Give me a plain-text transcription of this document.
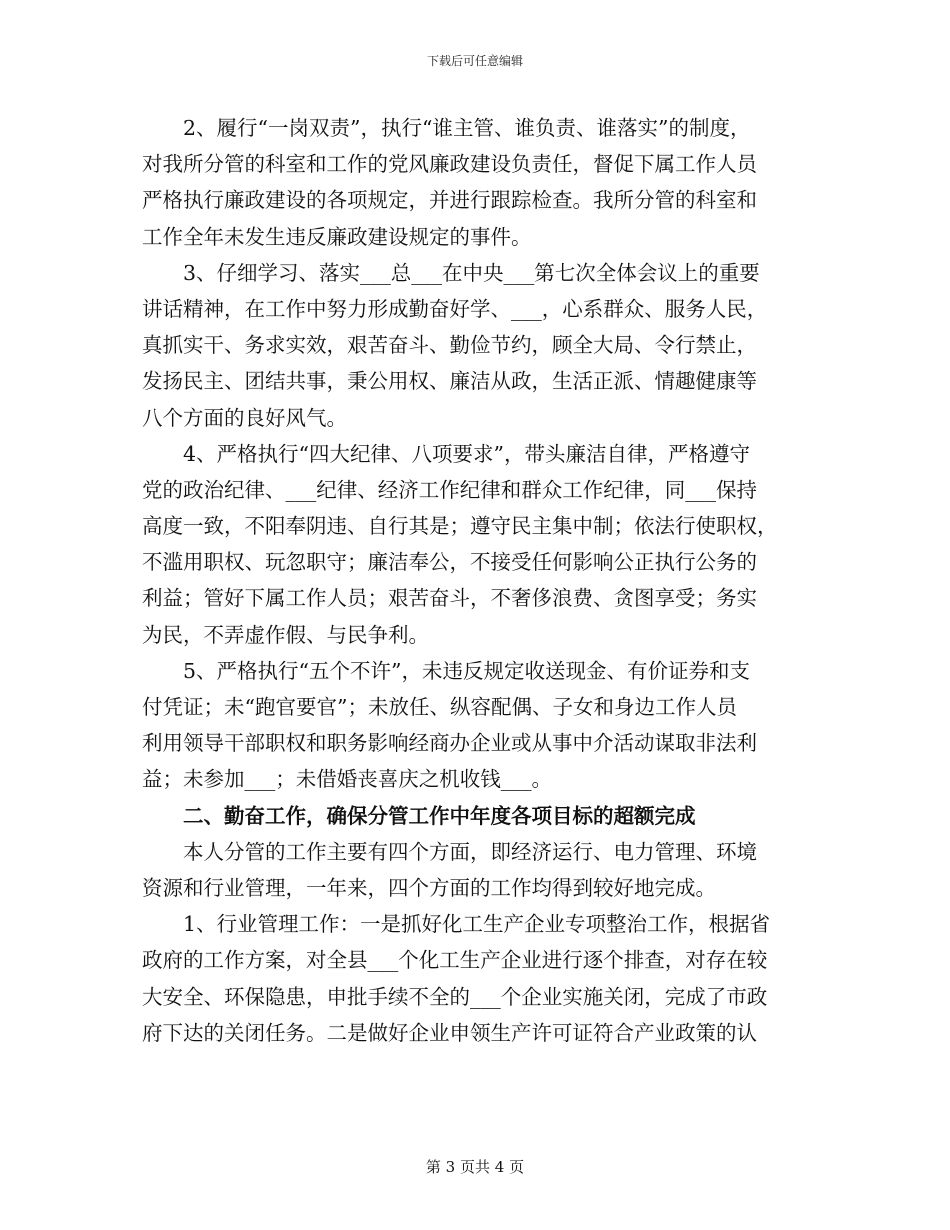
下载后可任意编辑
　　2、履行“一岗双责”，执行“谁主管、谁负责、谁落实”的制度，
对我所分管的科室和工作的党风廉政建设负责任，督促下属工作人员
严格执行廉政建设的各项规定，并进行跟踪检查。我所分管的科室和
工作全年未发生违反廉政建设规定的事件。
　　3、仔细学习、落实___总___在中央___第七次全体会议上的重要
讲话精神，在工作中努力形成勤奋好学、___，心系群众、服务人民，
真抓实干、务求实效，艰苦奋斗、勤俭节约，顾全大局、令行禁止，
发扬民主、团结共事，秉公用权、廉洁从政，生活正派、情趣健康等
八个方面的良好风气。
　　4、严格执行“四大纪律、八项要求”，带头廉洁自律，严格遵守
党的政治纪律、___纪律、经济工作纪律和群众工作纪律，同___保持
高度一致，不阳奉阴违、自行其是；遵守民主集中制；依法行使职权，
不滥用职权、玩忽职守；廉洁奉公，不接受任何影响公正执行公务的
利益；管好下属工作人员；艰苦奋斗，不奢侈浪费、贪图享受；务实
为民，不弄虚作假、与民争利。
　　5、严格执行“五个不许”，未违反规定收送现金、有价证券和支
付凭证；未“跑官要官”；未放任、纵容配偶、子女和身边工作人员
利用领导干部职权和职务影响经商办企业或从事中介活动谋取非法利
益；未参加___；未借婚丧喜庆之机收钱___。
　　二、勤奋工作，确保分管工作中年度各项目标的超额完成
　　本人分管的工作主要有四个方面，即经济运行、电力管理、环境
资源和行业管理，一年来，四个方面的工作均得到较好地完成。
　　1、行业管理工作：一是抓好化工生产企业专项整治工作，根据省
政府的工作方案，对全县___个化工生产企业进行逐个排查，对存在较
大安全、环保隐患，申批手续不全的___个企业实施关闭，完成了市政
府下达的关闭任务。二是做好企业申领生产许可证符合产业政策的认
第 3 页共 4 页
